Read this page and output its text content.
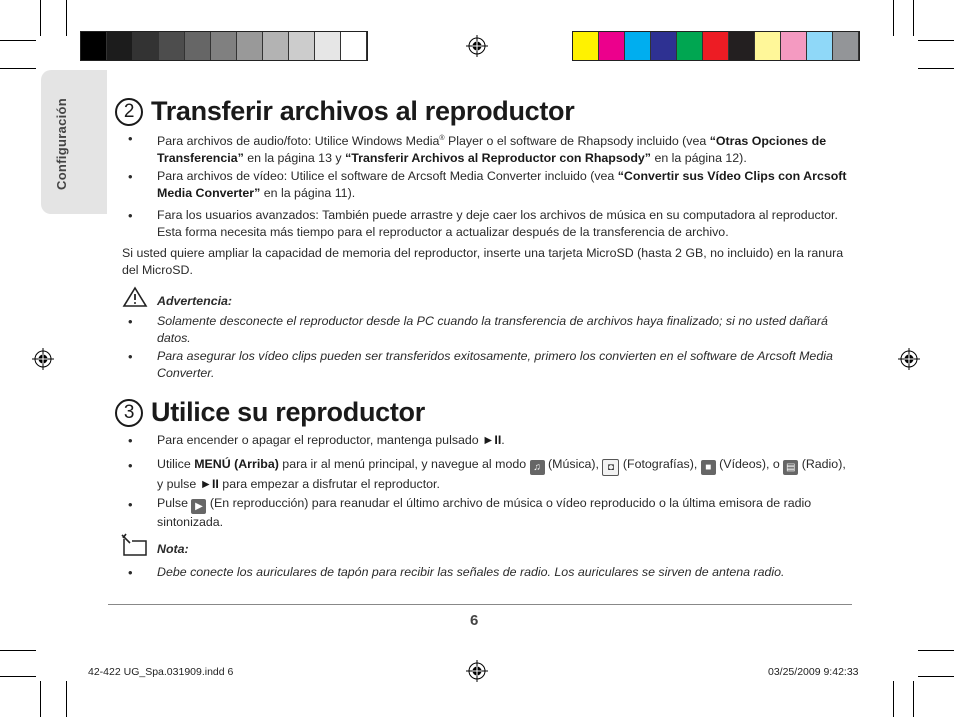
Configuración	2 Transferir archivos al reproductor
• Para archivos de audio/foto: Utilice Windows Media® Player o el software de Rhapsody incluido (vea “Otras Opciones de Transferencia” en la página 13 y “Transferir Archivos al Reproductor con Rhapsody” en la página 12).
• Para archivos de vídeo: Utilice el software de Arcsoft Media Converter incluido (vea “Convertir sus Vídeo Clips con Arcsoft Media Converter” en la página 11).
• Fara los usuarios avanzados: También puede arrastre y deje caer los archivos de música en su computadora al reproductor. Esta forma necesita más tiempo para el reproductor a actualizar después de la transferencia de archivo.
Si usted quiere ampliar la capacidad de memoria del reproductor, inserte una tarjeta MicroSD (hasta 2 GB, no incluido) en la ranura del MicroSD.
Advertencia:
• Solamente desconecte el reproductor desde la PC cuando la transferencia de archivos haya finalizado; si no usted dañará datos.
• Para asegurar los vídeo clips pueden ser transferidos exitosamente, primero los convierten en el software de Arcsoft Media Converter.
3 Utilice su reproductor
• Para encender o apagar el reproductor, mantenga pulsado ►II.
• Utilice MENÚ (Arriba) para ir al menú principal, y navegue al modo ♫ (Música), ◘ (Fotografías), ■ (Vídeos), o ▤ (Radio), y pulse ►II para empezar a disfrutar el reproductor.
• Pulse ▶ (En reproducción) para reanudar el último archivo de música o vídeo reproducido o la última emisora de radio sintonizada.
Nota:
• Debe conecte los auriculares de tapón para recibir las señales de radio. Los auriculares se sirven de antena radio.
6
42-422 UG_Spa.031909.indd 6	03/25/2009 9:42:33
